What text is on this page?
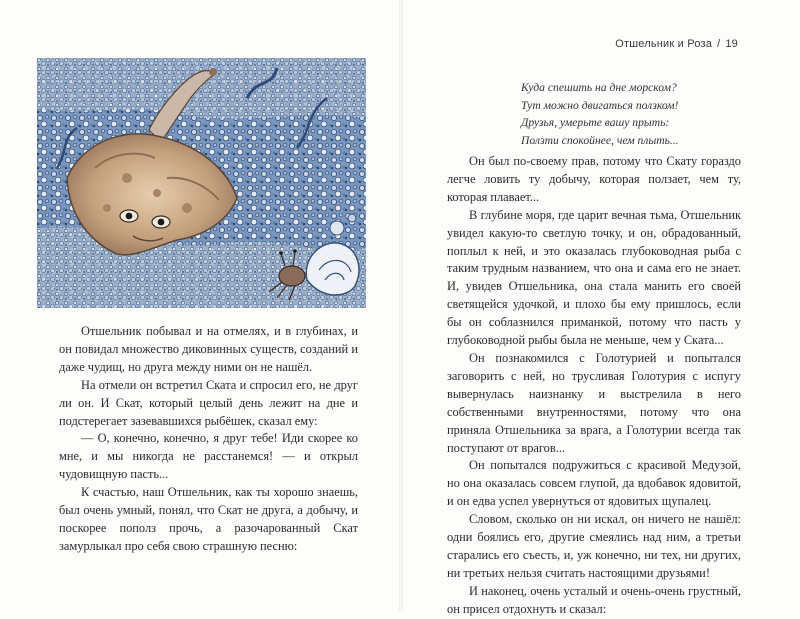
Отшельник и Роза / 19

Отшельник побывал и на отмелях, и в глубинах, и он повидал множество диковинных существ, созданий и даже чудищ, но друга между ними он не нашёл.

На отмели он встретил Ската и спросил его, не друг ли он. И Скат, который целый день лежит на дне и подстерегает зазевавшихся рыбёшек, сказал ему:

— О, конечно, конечно, я друг тебе! Иди скорее ко мне, и мы никогда не расстанемся! — и открыл чудовищную пасть...

К счастью, наш Отшельник, как ты хорошо знаешь, был очень умный, понял, что Скат не друга, а добычу, и поскорее пополз прочь, а разочарованный Скат замурлыкал про себя свою страшную песню:

Куда спешить на дне морском?
Тут можно двигаться ползком!
Друзья, умерьте вашу прыть:
Ползти спокойнее, чем плыть...

Он был по-своему прав, потому что Скату гораздо легче ловить ту добычу, которая ползает, чем ту, которая плавает...

В глубине моря, где царит вечная тьма, Отшельник увидел какую-то светлую точку, и он, обрадованный, поплыл к ней, и это оказалась глубоководная рыба с таким трудным названием, что она и сама его не знает. И, увидев Отшельника, она стала манить его своей светящейся удочкой, и плохо бы ему пришлось, если бы он соблазнился приманкой, потому что пасть у глубоководной рыбы была не меньше, чем у Ската...

Он познакомился с Голотурией и попытался заговорить с ней, но трусливая Голотурия с испугу вывернулась наизнанку и выстрелила в него собственными внутренностями, потому что она приняла Отшельника за врага, а Голотурии всегда так поступают от врагов...

Он попытался подружиться с красивой Медузой, но она оказалась совсем глупой, да вдобавок ядовитой, и он едва успел увернуться от ядовитых щупалец.

Словом, сколько он ни искал, он ничего не нашёл: одни боялись его, другие смеялись над ним, а третьи старались его съесть, и, уж конечно, ни тех, ни других, ни третьих нельзя считать настоящими друзьями!

И наконец, очень усталый и очень-очень грустный, он присел отдохнуть и сказал:
